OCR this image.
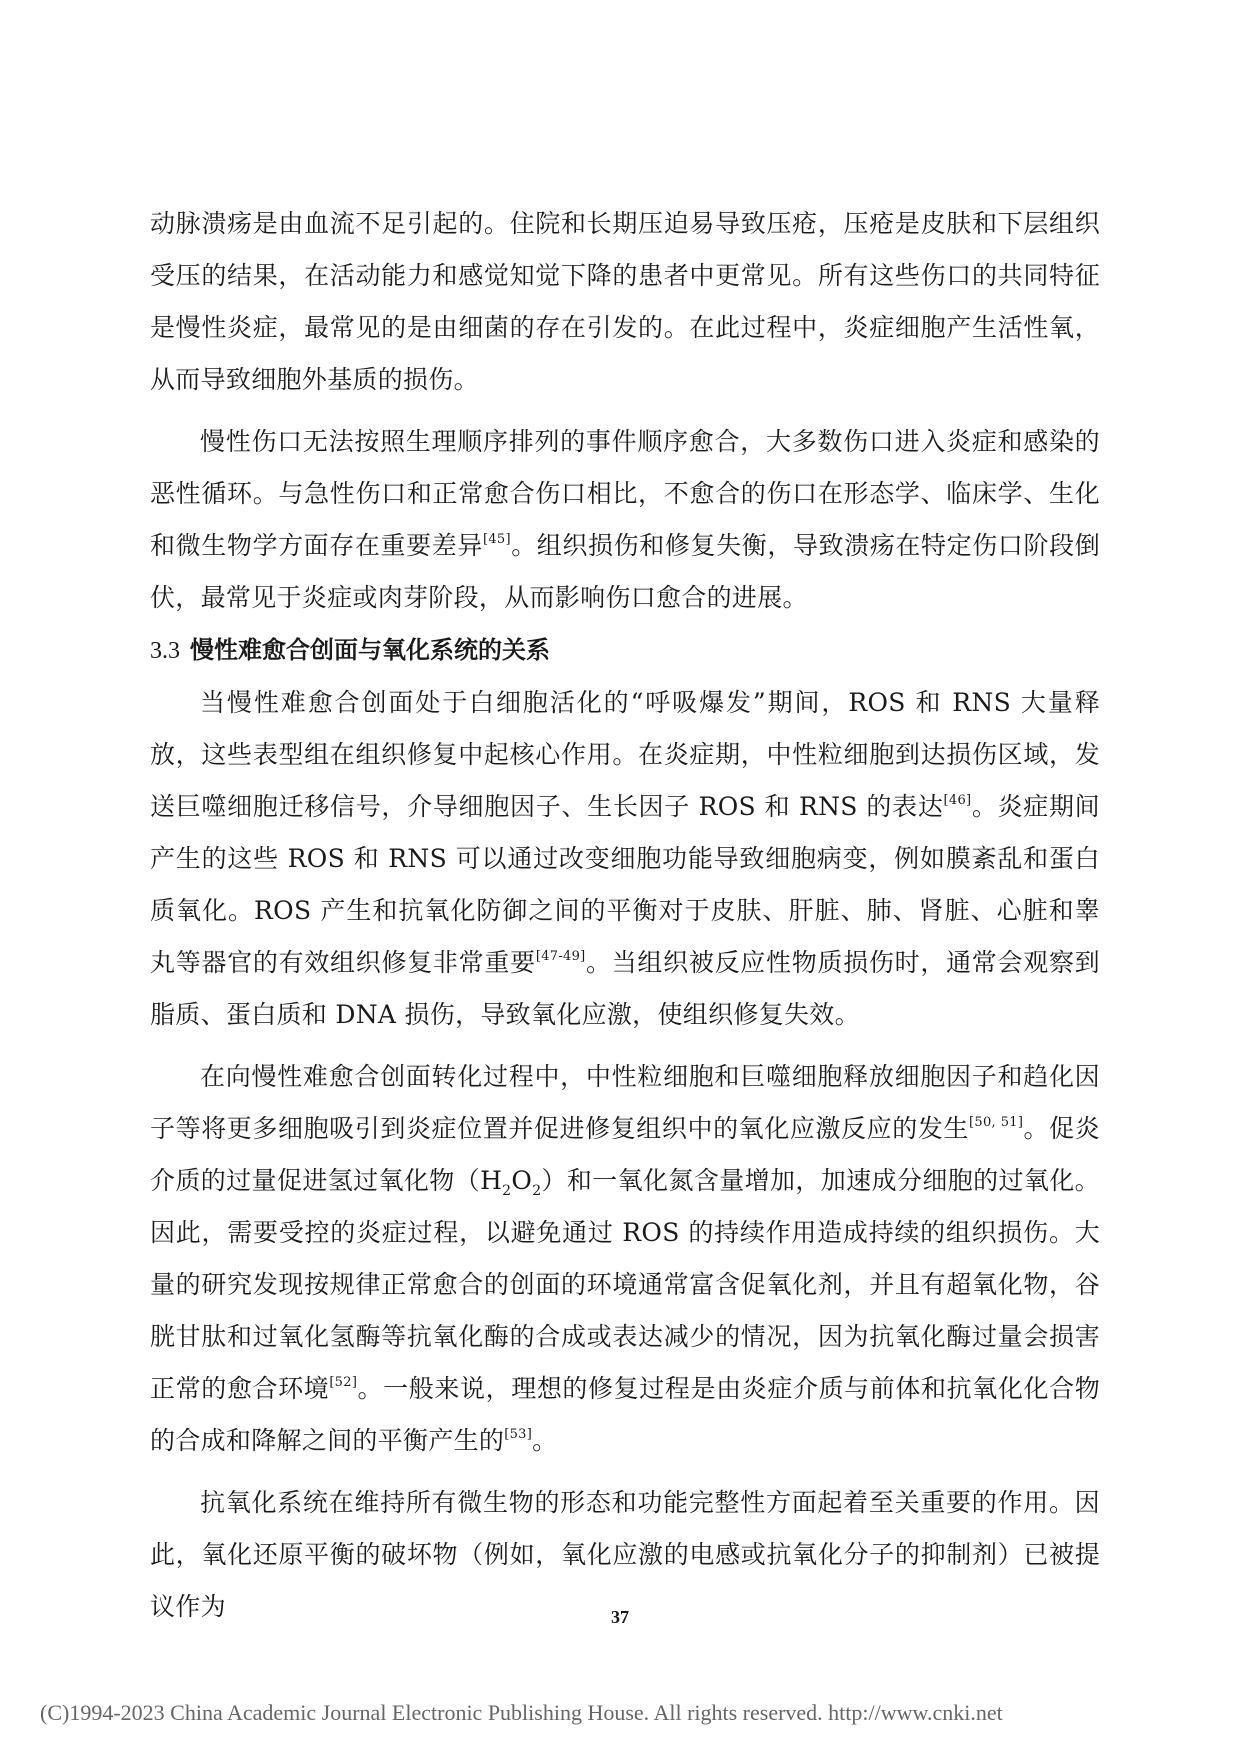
动脉溃疡是由血流不足引起的。住院和长期压迫易导致压疮，压疮是皮肤和下层组织受压的结果，在活动能力和感觉知觉下降的患者中更常见。所有这些伤口的共同特征是慢性炎症，最常见的是由细菌的存在引发的。在此过程中，炎症细胞产生活性氧，从而导致细胞外基质的损伤。

慢性伤口无法按照生理顺序排列的事件顺序愈合，大多数伤口进入炎症和感染的恶性循环。与急性伤口和正常愈合伤口相比，不愈合的伤口在形态学、临床学、生化和微生物学方面存在重要差异[45]。组织损伤和修复失衡，导致溃疡在特定伤口阶段倒伏，最常见于炎症或肉芽阶段，从而影响伤口愈合的进展。

3.3 慢性难愈合创面与氧化系统的关系

当慢性难愈合创面处于白细胞活化的“呼吸爆发”期间，ROS 和 RNS 大量释放，这些表型组在组织修复中起核心作用。在炎症期，中性粒细胞到达损伤区域，发送巨噬细胞迁移信号，介导细胞因子、生长因子 ROS 和 RNS 的表达[46]。炎症期间产生的这些 ROS 和 RNS 可以通过改变细胞功能导致细胞病变，例如膜紊乱和蛋白质氧化。ROS 产生和抗氧化防御之间的平衡对于皮肤、肝脏、肺、肾脏、心脏和睾丸等器官的有效组织修复非常重要[47-49]。当组织被反应性物质损伤时，通常会观察到脂质、蛋白质和 DNA 损伤，导致氧化应激，使组织修复失效。

在向慢性难愈合创面转化过程中，中性粒细胞和巨噬细胞释放细胞因子和趋化因子等将更多细胞吸引到炎症位置并促进修复组织中的氧化应激反应的发生[50, 51]。促炎介质的过量促进氢过氧化物$(H_2O_2)$和一氧化氮含量增加，加速成分细胞的过氧化。因此，需要受控的炎症过程，以避免通过 ROS 的持续作用造成持续的组织损伤。大量的研究发现按规律正常愈合的创面的环境通常富含促氧化剂，并且有超氧化物，谷胱甘肽和过氧化氢酶等抗氧化酶的合成或表达减少的情况，因为抗氧化酶过量会损害正常的愈合环境[52]。一般来说，理想的修复过程是由炎症介质与前体和抗氧化化合物的合成和降解之间的平衡产生的[53]。

抗氧化系统在维持所有微生物的形态和功能完整性方面起着至关重要的作用。因此，氧化还原平衡的破坏物（例如，氧化应激的电感或抗氧化分子的抑制剂）已被提议作为	37
(C)1994-2023 China Academic Journal Electronic Publishing House. All rights reserved. http://www.cnki.net
